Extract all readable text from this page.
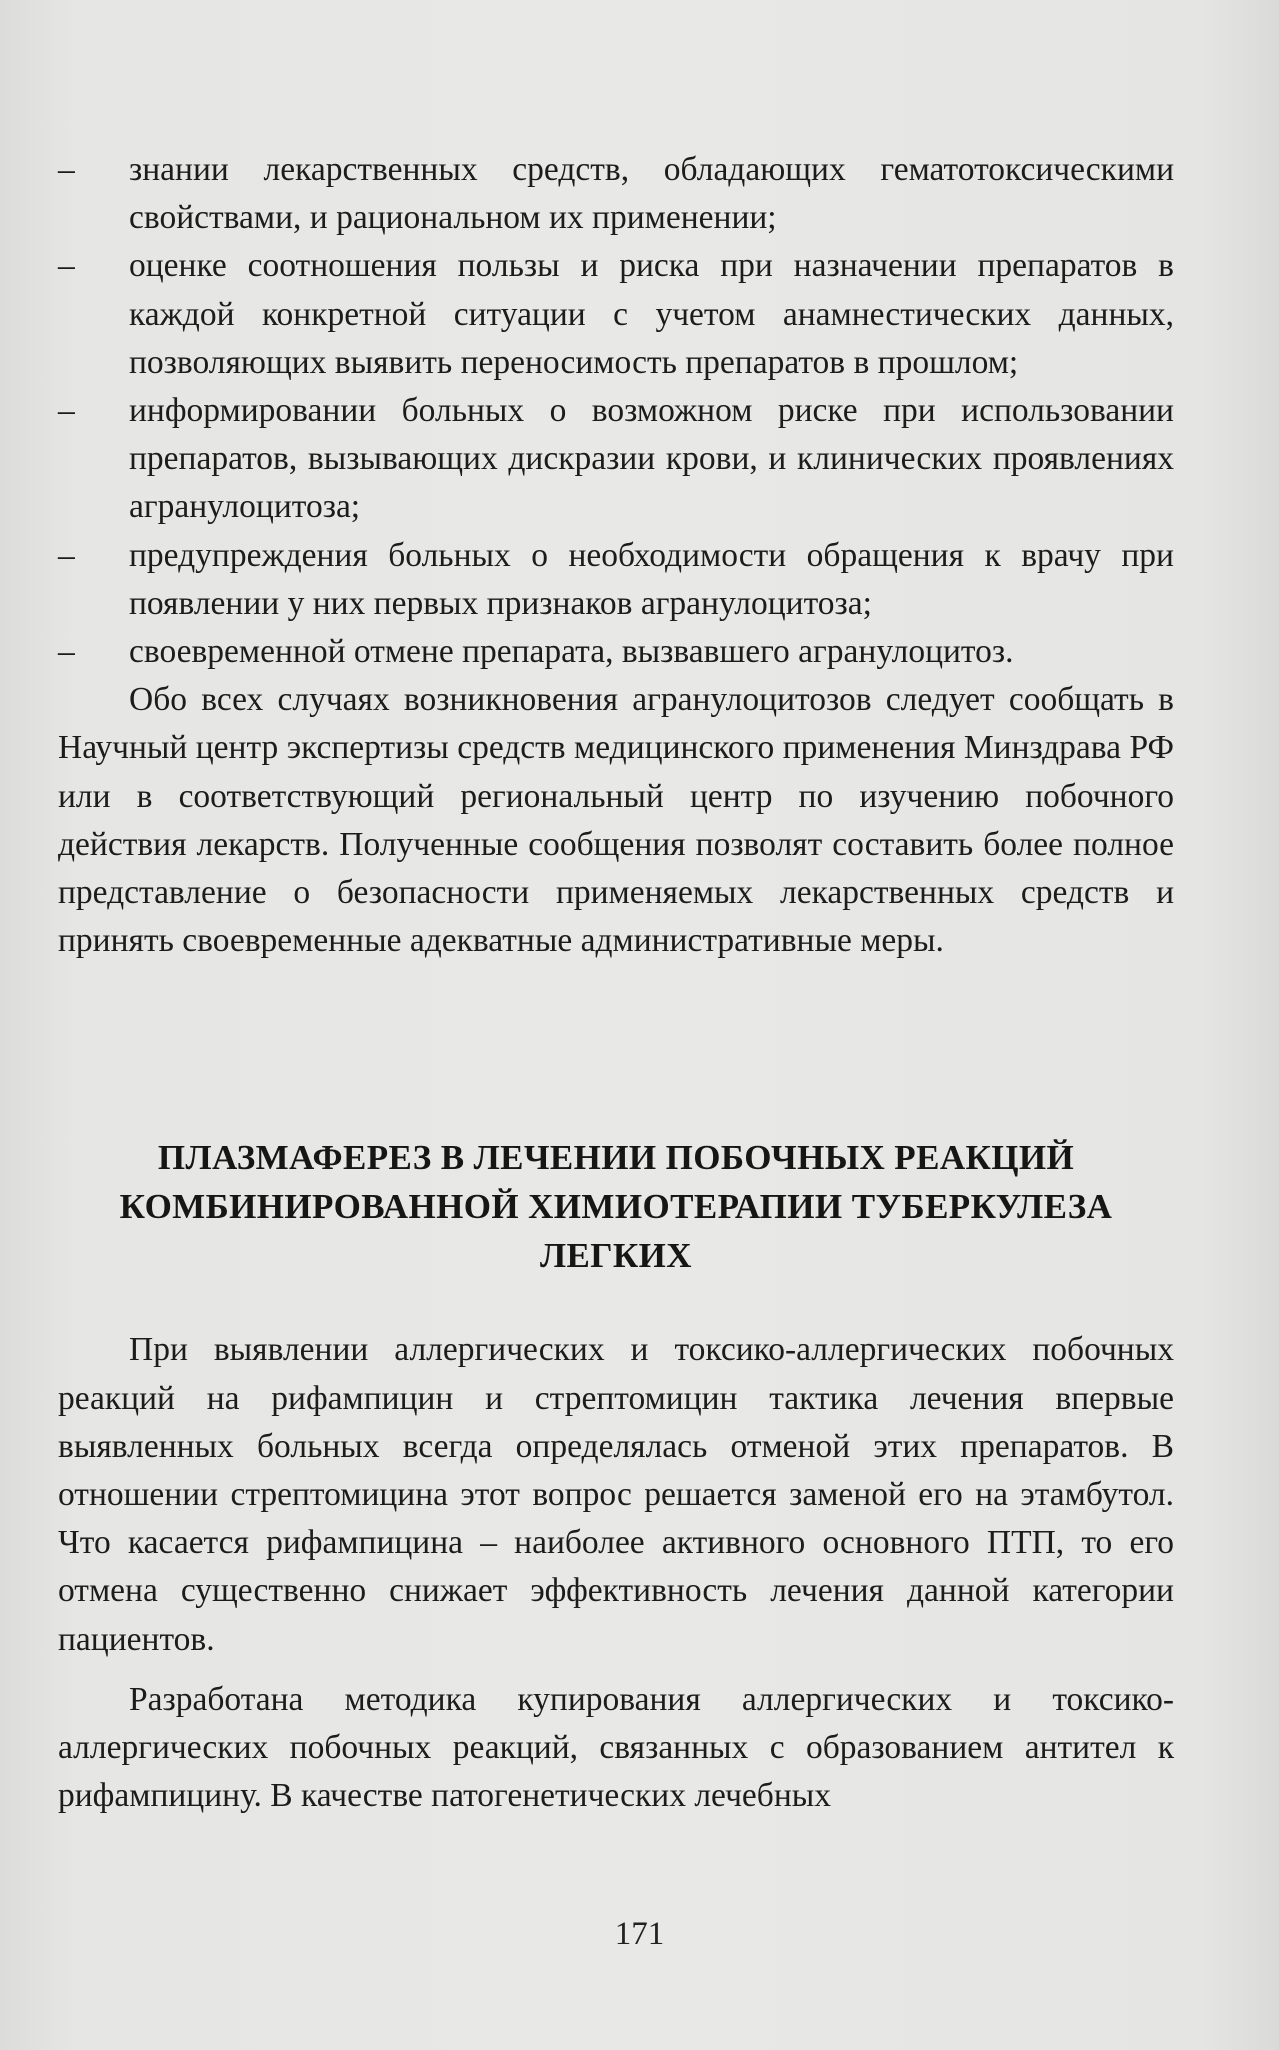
– знании лекарственных средств, обладающих гематотоксическими свойствами, и рациональном их применении;
– оценке соотношения пользы и риска при назначении препаратов в каждой конкретной ситуации с учетом анамнестических данных, позволяющих выявить переносимость препаратов в прошлом;
– информировании больных о возможном риске при использовании препаратов, вызывающих дискразии крови, и клинических проявлениях агранулоцитоза;
– предупреждения больных о необходимости обращения к врачу при появлении у них первых признаков агранулоцитоза;
– своевременной отмене препарата, вызвавшего агранулоцитоз.

Обо всех случаях возникновения агранулоцитозов следует сообщать в Научный центр экспертизы средств медицинского применения Минздрава РФ или в соответствующий региональный центр по изучению побочного действия лекарств. Полученные сообщения позволят составить более полное представление о безопасности применяемых лекарственных средств и принять своевременные адекватные административные меры.

ПЛАЗМАФЕРЕЗ В ЛЕЧЕНИИ ПОБОЧНЫХ РЕАКЦИЙ КОМБИНИРОВАННОЙ ХИМИОТЕРАПИИ ТУБЕРКУЛЕЗА ЛЕГКИХ

При выявлении аллергических и токсико-аллергических побочных реакций на рифампицин и стрептомицин тактика лечения впервые выявленных больных всегда определялась отменой этих препаратов. В отношении стрептомицина этот вопрос решается заменой его на этамбутол. Что касается рифампицина – наиболее активного основного ПТП, то его отмена существенно снижает эффективность лечения данной категории пациентов.

Разработана методика купирования аллергических и токсико-аллергических побочных реакций, связанных с образованием антител к рифампицину. В качестве патогенетических лечебных

171
